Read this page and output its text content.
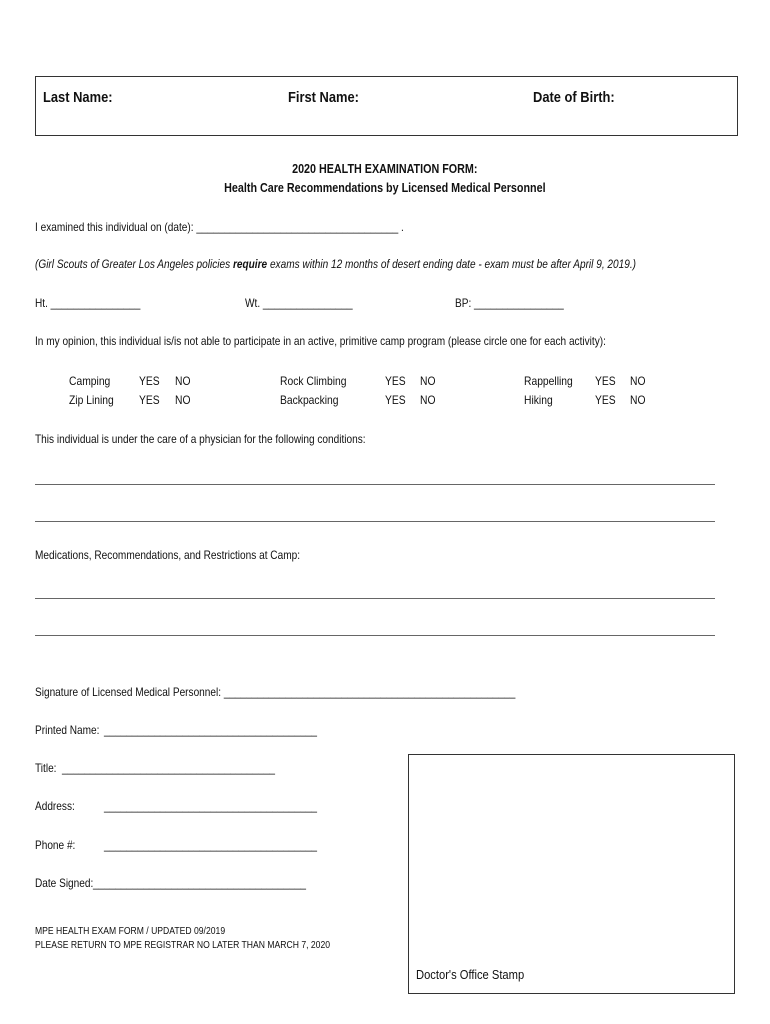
Last Name:	First Name:	Date of Birth:
2020 HEALTH EXAMINATION FORM:
Health Care Recommendations by Licensed Medical Personnel
I examined this individual on (date): ____________________________________ .
(Girl Scouts of Greater Los Angeles policies require exams within 12 months of desert ending date - exam must be after April 9, 2019.)
Ht. ________________	Wt. ________________	BP: ________________
In my opinion, this individual is/is not able to participate in an active, primitive camp program (please circle one for each activity):
Camping YES NO
Zip Lining YES NO
Rock Climbing	YES NO
Backpacking	YES NO
Rappelling YES NO
Hiking	YES NO
This individual is under the care of a physician for the following conditions:
Medications, Recommendations, and Restrictions at Camp:
Signature of Licensed Medical Personnel: ____________________________________________________
Printed Name: ______________________________________
Title: ______________________________________
Address: ______________________________________
Phone #: ______________________________________
Date Signed: ______________________________________
MPE HEALTH EXAM FORM / UPDATED 09/2019
PLEASE RETURN TO MPE REGISTRAR NO LATER THAN MARCH 7, 2020
Doctor's Office Stamp
